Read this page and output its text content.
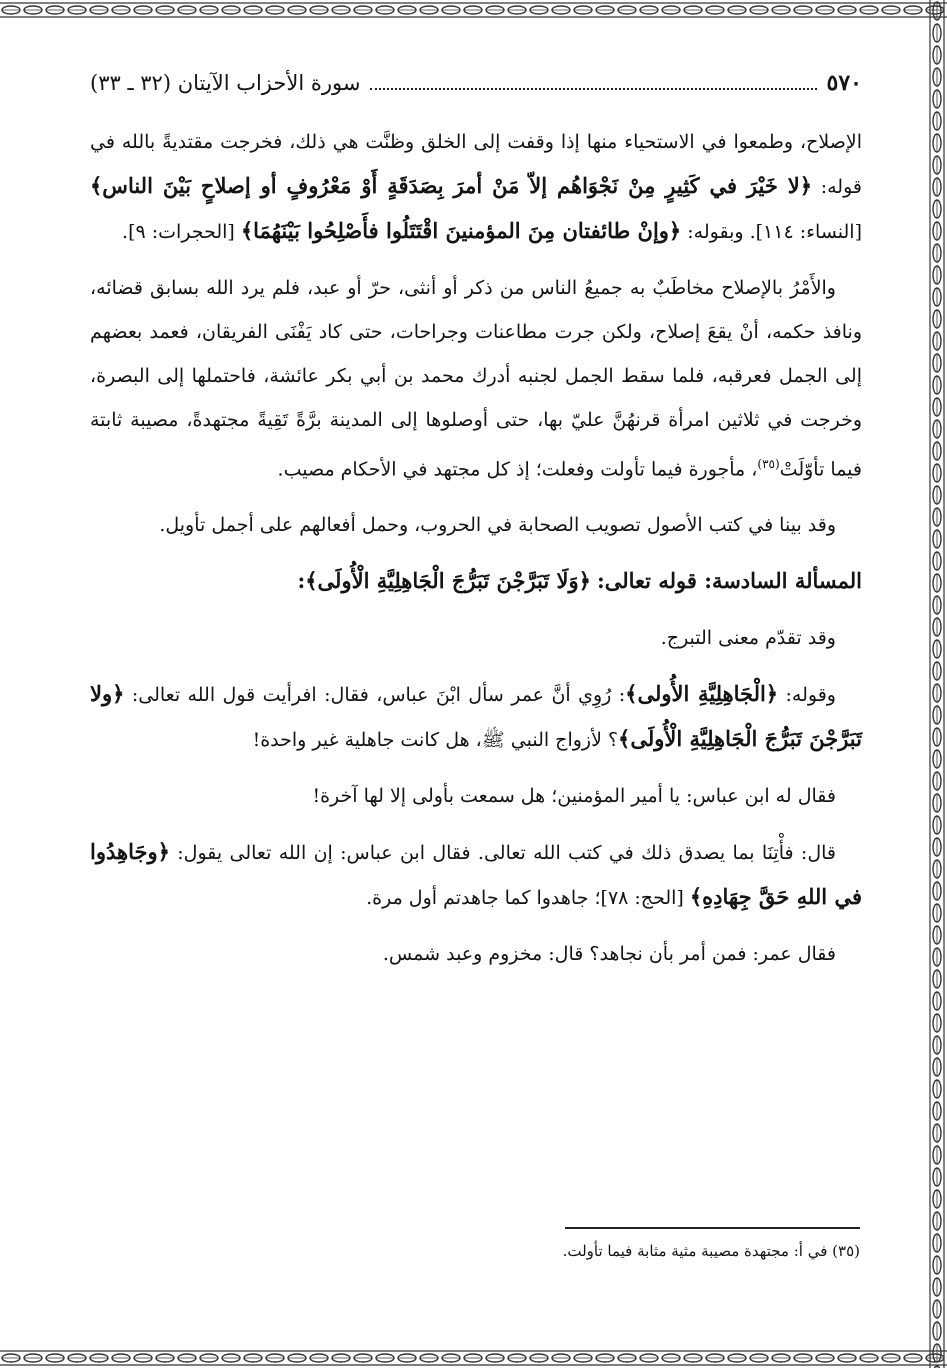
٥٧٠
سورة الأحزاب الآيتان (٣٢ ـ ٣٣)

الإصلاح، وطمعوا في الاستحياء منها إذا وقفت إلى الخلق وظنَّت هي ذلك، فخرجت مقتديةً بالله في قوله: ﴿لا خَيْرَ في كَثِيرٍ مِنْ نَجْوَاهُم إلاّ مَنْ أمرَ بِصَدَقَةٍ أَوْ مَعْرُوفٍ أو إصلاحٍ بَيْنَ الناس﴾ [النساء: ١١٤]. وبقوله: ﴿وإنْ طائفتان مِنَ المؤمنينَ اقْتَتَلُوا فأَصْلِحُوا بَيْنَهُمَا﴾ [الحجرات: ٩].

والأَمْرُ بالإصلاح مخاطَبٌ به جميعُ الناس من ذكر أو أنثى، حرّ أو عبد، فلم يرد الله بسابق قضائه، ونافذ حكمه، أنْ يقعَ إصلاح، ولكن جرت مطاعنات وجراحات، حتى كاد يَفْنَى الفريقان، فعمد بعضهم إلى الجمل فعرقبه، فلما سقط الجمل لجنبه أدرك محمد بن أبي بكر عائشة، فاحتملها إلى البصرة، وخرجت في ثلاثين امرأة قرنهُنَّ عليّ بها، حتى أوصلوها إلى المدينة برَّةً تَقِيةً مجتهدةً، مصيبة ثابتة فيما تأوّلَتْ$^{(٣٥)}$، مأجورة فيما تأولت وفعلت؛ إذ كل مجتهد في الأحكام مصيب.

وقد بينا في كتب الأصول تصويب الصحابة في الحروب، وحمل أفعالهم على أجمل تأويل.

المسألة السادسة: قوله تعالى: ﴿وَلَا تَبَرَّجْنَ تَبَرُّجَ الْجَاهِلِيَّةِ الْأُولَى﴾:

وقد تقدّم معنى التبرج.

وقوله: ﴿الْجَاهِلِيَّةِ الأُولى﴾: رُوِي أنَّ عمر سأل ابْنَ عباس، فقال: افرأيت قول الله تعالى: ﴿ولا تَبَرَّجْنَ تَبَرُّجَ الْجَاهِلِيَّةِ الْأُولَى﴾؟ لأزواج النبي ﷺ، هل كانت جاهلية غير واحدة!

فقال له ابن عباس: يا أمير المؤمنين؛ هل سمعت بأولى إلا لها آخرة!

قال: فأْتِنَا بما يصدق ذلك في كتب الله تعالى. فقال ابن عباس: إن الله تعالى يقول: ﴿وجَاهِدُوا في اللهِ حَقَّ جِهَادِهِ﴾ [الحج: ٧٨]؛ جاهدوا كما جاهدتم أول مرة.

فقال عمر: فمن أمر بأن نجاهد؟ قال: مخزوم وعبد شمس.

(٣٥) في أ: مجتهدة مصيبة مثية مثابة فيما تأولت.
